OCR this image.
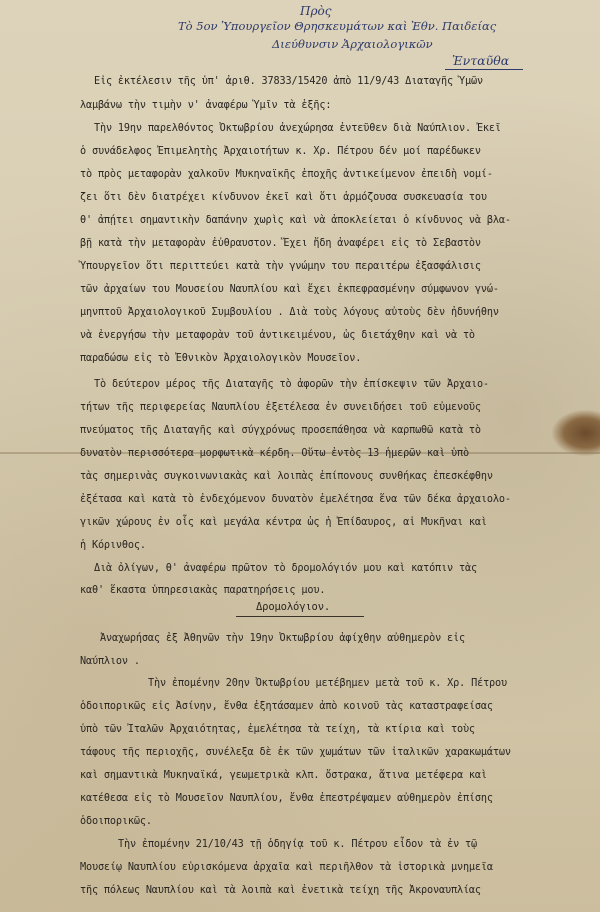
Πρὸς
Τὸ 5ον Ὑπουργεῖον Θρησκευμάτων καὶ Ἐθν. Παιδείας
Διεύθυνσιν Ἀρχαιολογικῶν
Ἐνταῦθα
Εἰς ἐκτέλεσιν τῆς ὑπ' ἀριθ. 37833/15420 ἀπὸ 11/9/43 Διαταγῆς Ὑμῶν
λαμβάνω τὴν τιμὴν ν' ἀναφέρω Ὑμῖν τὰ ἑξῆς:
Τὴν 19ην παρελθόντος Ὀκτωβρίου ἀνεχώρησα ἐντεῦθεν διὰ Ναύπλιον. Ἐκεῖ
ὁ συνάδελφος Ἐπιμελητὴς Ἀρχαιοτήτων κ. Χρ. Πέτρου δέν μοί παρέδωκεν
τὸ πρὸς μεταφορὰν χαλκοῦν Μυκηναϊκῆς ἐποχῆς ἀντικείμενον ἐπειδὴ νομί-
ζει ὅτι δὲν διατρέχει κίνδυνον ἐκεῖ καὶ ὅτι ἁρμόζουσα συσκευασία του
θ' ἀπῄτει σημαντικὴν δαπάνην χωρὶς καὶ νὰ ἀποκλείεται ὁ κίνδυνος νὰ βλα-
βῇ κατὰ τὴν μεταφορὰν ἐὐθραυστον. Ἔχει ἤδη ἀναφέρει εἰς τὸ Σεβαστὸν
Ὑπουργεῖον ὅτι περιττεύει κατὰ τὴν γνώμην του περαιτέρω ἐξασφάλισις
τῶν ἀρχαίων του Μουσείου Ναυπλίου καὶ ἔχει ἐκπεφρασμένην σύμφωνον γνώ-
μηνπτοῦ Ἀρχαιολογικοῦ Συμβουλίου . Διὰ τοὺς λόγους αὐτοὺς δὲν ἠδυνήθην
νὰ ἐνεργήσω τὴν μεταφορὰν τοῦ ἀντικειμένου, ὡς διετάχθην καὶ νὰ τὸ
παραδώσω εἰς τὸ Ἐθνικὸν Ἀρχαιολογικὸν Μουσεῖον.
Τὸ δεύτερον μέρος τῆς Διαταγῆς τὸ ἀφορῶν τὴν ἐπίσκεψιν τῶν Ἀρχαιο-
τήτων τῆς περιφερείας Ναυπλίου ἐξετέλεσα ἐν συνειδήσει τοῦ εὐμενοῦς
πνεύματος τῆς Διαταγῆς καὶ σύγχρόνως προσεπάθησα νὰ καρπωθῶ κατὰ τὸ
δυνατὸν περισσότερα μορφωτικὰ κέρδη. Οὕτω ἐντὸς 13 ἡμερῶν καὶ ὑπὸ
τὰς σημερινὰς συγκοινωνιακὰς καὶ λοιπὰς ἐπίπονους συνθήκας ἐπεσκέφθην
ἐξέτασα καὶ κατὰ τὸ ἐνδεχόμενον δυνατὸν ἐμελέτησα ἕνα τῶν δέκα ἀρχαιολο-
γικῶν χώρους ἐν οἷς καὶ μεγάλα κέντρα ὡς ἡ Ἐπίδαυρος, αἱ Μυκῆναι καὶ
ἡ Κόρινθος.
Διὰ ὀλίγων, θ' ἀναφέρω πρῶτον τὸ δρομολόγιόν μου καὶ κατόπιν τὰς
καθ' ἕκαστα ὑπηρεσιακὰς παρατηρήσεις μου.
Δρομολόγιον.
Ἀναχωρήσας ἐξ Ἀθηνῶν τὴν 19ην Ὀκτωβρίου ἀφίχθην αὐθημερὸν εἰς
Ναύπλιον .
Τὴν ἐπομένην 20ην Ὀκτωβρίου μετέβημεν μετὰ τοῦ κ. Χρ. Πέτρου
ὁδοιπορικῶς εἰς Ἀσίνην, ἔνθα ἐξητάσαμεν ἀπὸ κοινοῦ τὰς καταστραφείσας
ὑπὸ τῶν Ἰταλῶν Ἀρχαιότητας, ἐμελέτησα τὰ τείχη, τὰ κτίρια καὶ τοὺς
τάφους τῆς περιοχῆς, συνέλεξα δὲ ἐκ τῶν χωμάτων τῶν ἰταλικῶν χαρακωμάτων
καὶ σημαντικὰ Μυκηναϊκά, γεωμετρικὰ κλπ. ὄστρακα, ἅτινα μετέφερα καὶ
κατέθεσα εἰς τὸ Μουσεῖον Ναυπλίου, ἔνθα ἐπεστρέψαμεν αὐθημερὸν ἐπίσης
ὁδοιπορικῶς.
Τὴν ἐπομένην 21/10/43 τῇ ὁδηγίᾳ τοῦ κ. Πέτρου εἶδον τὰ ἐν τῷ
Μουσείῳ Ναυπλίου εὑρισκόμενα ἀρχαῖα καὶ περιῆλθον τὰ ἱστορικὰ μνημεῖα
τῆς πόλεως Ναυπλίου καὶ τὰ λοιπὰ καὶ ἐνετικὰ τείχη τῆς Ἀκροναυπλίας
